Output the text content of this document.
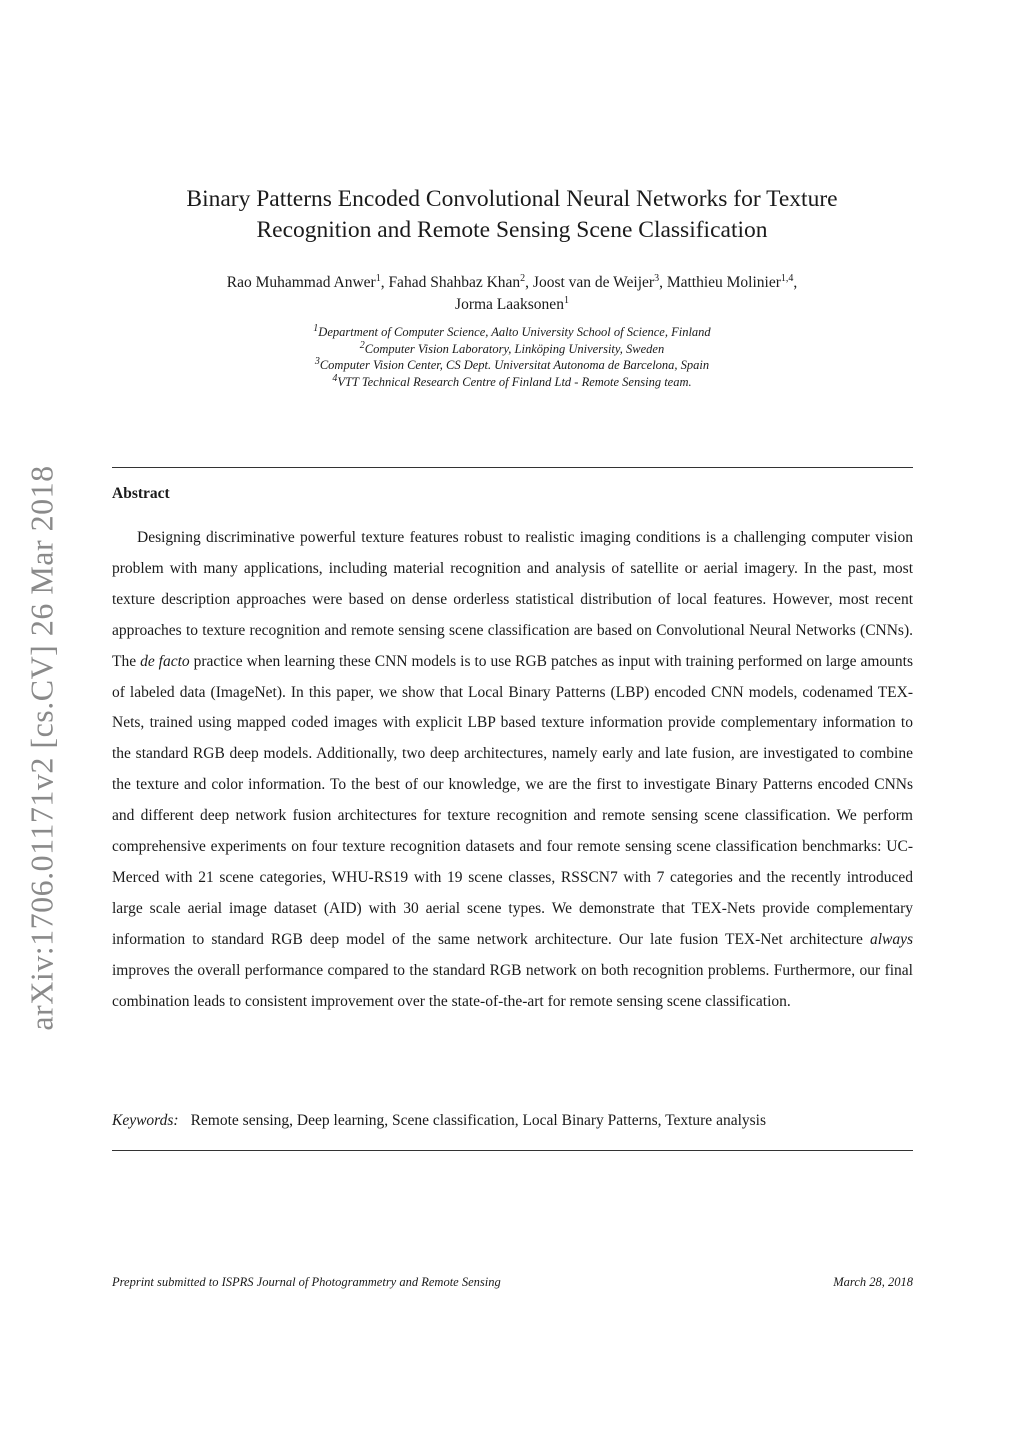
arXiv:1706.01171v2 [cs.CV] 26 Mar 2018
Binary Patterns Encoded Convolutional Neural Networks for Texture
Recognition and Remote Sensing Scene Classification
Rao Muhammad Anwer$^1$, Fahad Shahbaz Khan$^2$, Joost van de Weijer$^3$, Matthieu Molinier$^{1,4}$,
Jorma Laaksonen$^1$
$^1$Department of Computer Science, Aalto University School of Science, Finland
$^2$Computer Vision Laboratory, Linköping University, Sweden
$^3$Computer Vision Center, CS Dept. Universitat Autonoma de Barcelona, Spain
$^4$VTT Technical Research Centre of Finland Ltd - Remote Sensing team.
Abstract

Designing discriminative powerful texture features robust to realistic imaging conditions is a challenging computer vision problem with many applications, including material recognition and analysis of satellite or aerial imagery. In the past, most texture description approaches were based on dense orderless statistical distribution of local features. However, most recent approaches to texture recognition and remote sensing scene classification are based on Convolutional Neural Networks (CNNs). The de facto practice when learning these CNN models is to use RGB patches as input with training performed on large amounts of labeled data (ImageNet). In this paper, we show that Local Binary Patterns (LBP) encoded CNN models, codenamed TEX-Nets, trained using mapped coded images with explicit LBP based texture information provide complementary information to the standard RGB deep models. Additionally, two deep architectures, namely early and late fusion, are investigated to combine the texture and color information. To the best of our knowledge, we are the first to investigate Binary Patterns encoded CNNs and different deep network fusion architectures for texture recognition and remote sensing scene classification. We perform comprehensive experiments on four texture recognition datasets and four remote sensing scene classification benchmarks: UC-Merced with 21 scene categories, WHU-RS19 with 19 scene classes, RSSCN7 with 7 categories and the recently introduced large scale aerial image dataset (AID) with 30 aerial scene types. We demonstrate that TEX-Nets provide complementary information to standard RGB deep model of the same network architecture. Our late fusion TEX-Net architecture always improves the overall performance compared to the standard RGB network on both recognition problems. Furthermore, our final combination leads to consistent improvement over the state-of-the-art for remote sensing scene classification.

Keywords: Remote sensing, Deep learning, Scene classification, Local Binary Patterns, Texture analysis
Preprint submitted to ISPRS Journal of Photogrammetry and Remote Sensing	March 28, 2018
